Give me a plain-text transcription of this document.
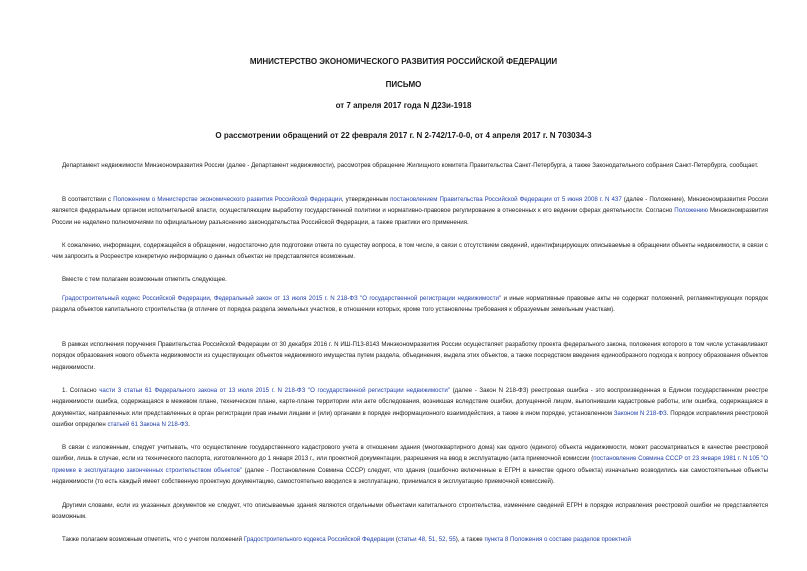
МИНИСТЕРСТВО ЭКОНОМИЧЕСКОГО РАЗВИТИЯ РОССИЙСКОЙ ФЕДЕРАЦИИ
ПИСЬМО
от 7 апреля 2017 года N Д23и-1918
О рассмотрении обращений от 22 февраля 2017 г. N 2-742/17-0-0, от 4 апреля 2017 г. N 703034-3

Департамент недвижимости Минэкономразвития России (далее - Департамент недвижимости), рассмотрев обращение Жилищного комитета Правительства Санкт-Петербурга, а также Законодательного собрания Санкт-Петербурга, сообщает.

В соответствии с Положением о Министерстве экономического развития Российской Федерации, утвержденным постановлением Правительства Российской Федерации от 5 июня 2008 г. N 437 (далее - Положение), Минэкономразвития России является федеральным органом исполнительной власти, осуществляющим выработку государственной политики и нормативно-правовое регулирование в отнесенных к его ведении сферах деятельности. Согласно Положению Минэкономразвития России не наделено полномочиями по официальному разъяснению законодательства Российской Федерации, а также практики его применения.

К сожалению, информации, содержащейся в обращении, недостаточно для подготовки ответа по существу вопроса, в том числе, в связи с отсутствием сведений, идентифицирующих описываемые в обращении объекты недвижимости, в связи с чем запросить в Росреестре конкретную информацию о данных объектах не представляется возможным.

Вместе с тем полагаем возможным отметить следующее.

Градостроительный кодекс Российской Федерации, Федеральный закон от 13 июля 2015 г. N 218-ФЗ "О государственной регистрации недвижимости" и иные нормативные правовые акты не содержат положений, регламентирующих порядок раздела объектов капитального строительства (в отличие от порядка раздела земельных участков, в отношении которых, кроме того установлены требования к образуемым земельным участкам).

В рамках исполнения поручения Правительства Российской Федерации от 30 декабря 2016 г. N ИШ-П13-8143 Минэкономразвития России осуществляет разработку проекта федерального закона, положения которого в том числе устанавливают порядок образования нового объекта недвижимости из существующих объектов недвижимого имущества путем раздела, объединения, выдела этих объектов, а также посредством введения единообразного подхода к вопросу образования объектов недвижимости.

1. Согласно части 3 статьи 61 Федерального закона от 13 июля 2015 г. N 218-ФЗ "О государственной регистрации недвижимости" (далее - Закон N 218-ФЗ) реестровая ошибка - это воспроизведенная в Едином государственном реестре недвижимости ошибка, содержащаяся в межевом плане, техническом плане, карте-плане территории или акте обследования, возникшая вследствие ошибки, допущенной лицом, выполнившим кадастровые работы, или ошибка, содержащаяся в документах, направленных или представленных в орган регистрации прав иными лицами и (или) органами в порядке информационного взаимодействия, а также в ином порядке, установленном Законом N 218-ФЗ. Порядок исправления реестровой ошибки определен статьей 61 Закона N 218-ФЗ.

В связи с изложенным, следует учитывать, что осуществление государственного кадастрового учета в отношении здания (многоквартирного дома) как одного (единого) объекта недвижимости, может рассматриваться в качестве реестровой ошибки, лишь в случае, если из технического паспорта, изготовленного до 1 января 2013 г., или проектной документации, разрешения на ввод в эксплуатацию (акта приемочной комиссии (постановление Совмина СССР от 23 января 1981 г. N 105 "О приемке в эксплуатацию законченных строительством объектов" (далее - Постановление Совмина СССР) следует, что здания (ошибочно включенные в ЕГРН в качестве одного объекта) изначально возводились как самостоятельные объекты недвижимости (то есть каждый имеет собственную проектную документацию, самостоятельно вводился в эксплуатацию, принимался в эксплуатацию приемочной комиссией).

Другими словами, если из указанных документов не следует, что описываемые здания являются отдельными объектами капитального строительства, изменение сведений ЕГРН в порядке исправления реестровой ошибки не представляется возможным.

Также полагаем возможным отметить, что с учетом положений Градостроительного кодекса Российской Федерации (статьи 48, 51, 52, 55), а также пункта 8 Положения о составе разделов проектной
